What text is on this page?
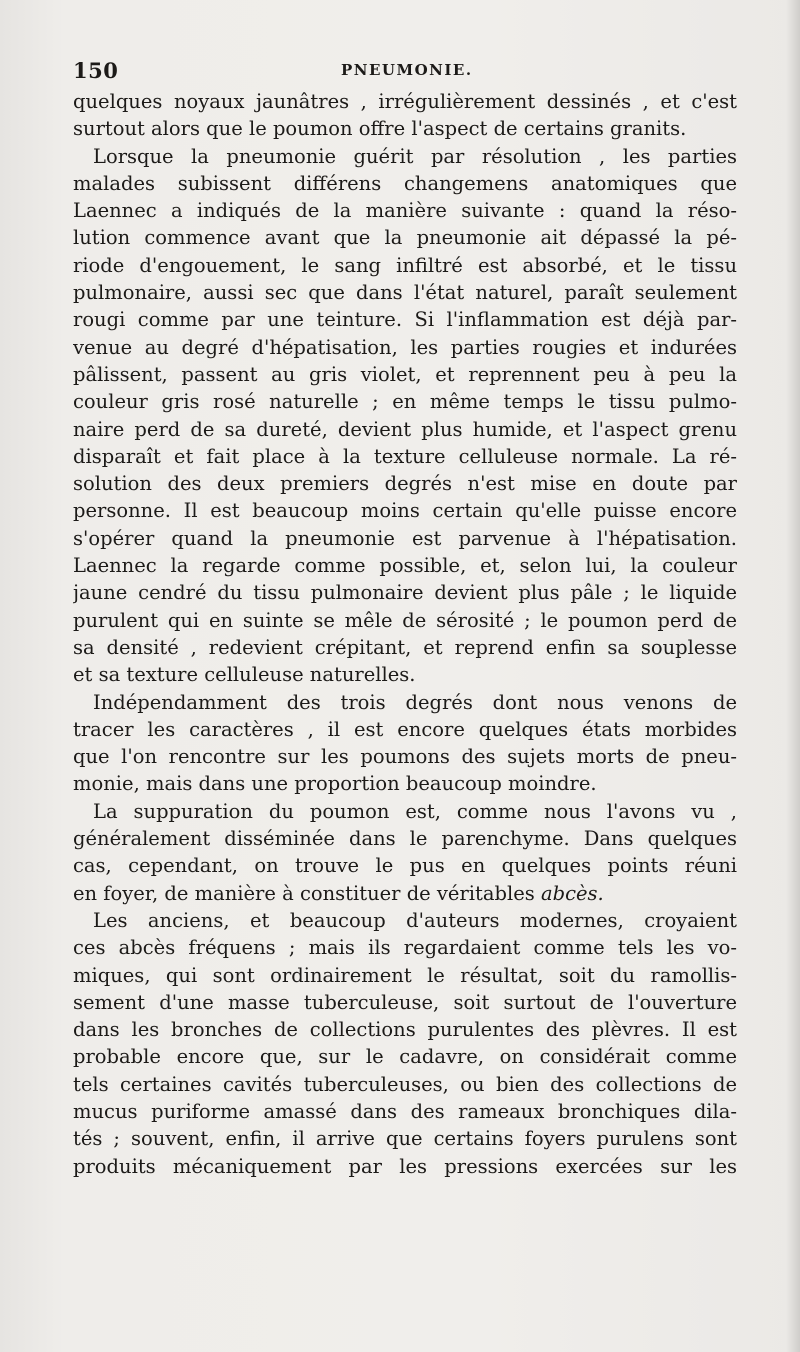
150	PNEUMONIE.
quelques noyaux jaunâtres , irrégulièrement dessinés , et c'est
surtout alors que le poumon offre l'aspect de certains granits.
Lorsque la pneumonie guérit par résolution , les parties
malades subissent différens changemens anatomiques que
Laennec a indiqués de la manière suivante : quand la réso-
lution commence avant que la pneumonie ait dépassé la pé-
riode d'engouement, le sang infiltré est absorbé, et le tissu
pulmonaire, aussi sec que dans l'état naturel, paraît seulement
rougi comme par une teinture. Si l'inflammation est déjà par-
venue au degré d'hépatisation, les parties rougies et indurées
pâlissent, passent au gris violet, et reprennent peu à peu la
couleur gris rosé naturelle ; en même temps le tissu pulmo-
naire perd de sa dureté, devient plus humide, et l'aspect grenu
disparaît et fait place à la texture celluleuse normale. La ré-
solution des deux premiers degrés n'est mise en doute par
personne. Il est beaucoup moins certain qu'elle puisse encore
s'opérer quand la pneumonie est parvenue à l'hépatisation.
Laennec la regarde comme possible, et, selon lui, la couleur
jaune cendré du tissu pulmonaire devient plus pâle ; le liquide
purulent qui en suinte se mêle de sérosité ; le poumon perd de
sa densité , redevient crépitant, et reprend enfin sa souplesse
et sa texture celluleuse naturelles.
Indépendamment des trois degrés dont nous venons de
tracer les caractères , il est encore quelques états morbides
que l'on rencontre sur les poumons des sujets morts de pneu-
monie, mais dans une proportion beaucoup moindre.
La suppuration du poumon est, comme nous l'avons vu ,
généralement disséminée dans le parenchyme. Dans quelques
cas, cependant, on trouve le pus en quelques points réuni
en foyer, de manière à constituer de véritables abcès.
Les anciens, et beaucoup d'auteurs modernes, croyaient
ces abcès fréquens ; mais ils regardaient comme tels les vo-
miques, qui sont ordinairement le résultat, soit du ramollis-
sement d'une masse tuberculeuse, soit surtout de l'ouverture
dans les bronches de collections purulentes des plèvres. Il est
probable encore que, sur le cadavre, on considérait comme
tels certaines cavités tuberculeuses, ou bien des collections de
mucus puriforme amassé dans des rameaux bronchiques dila-
tés ; souvent, enfin, il arrive que certains foyers purulens sont
produits mécaniquement par les pressions exercées sur les
